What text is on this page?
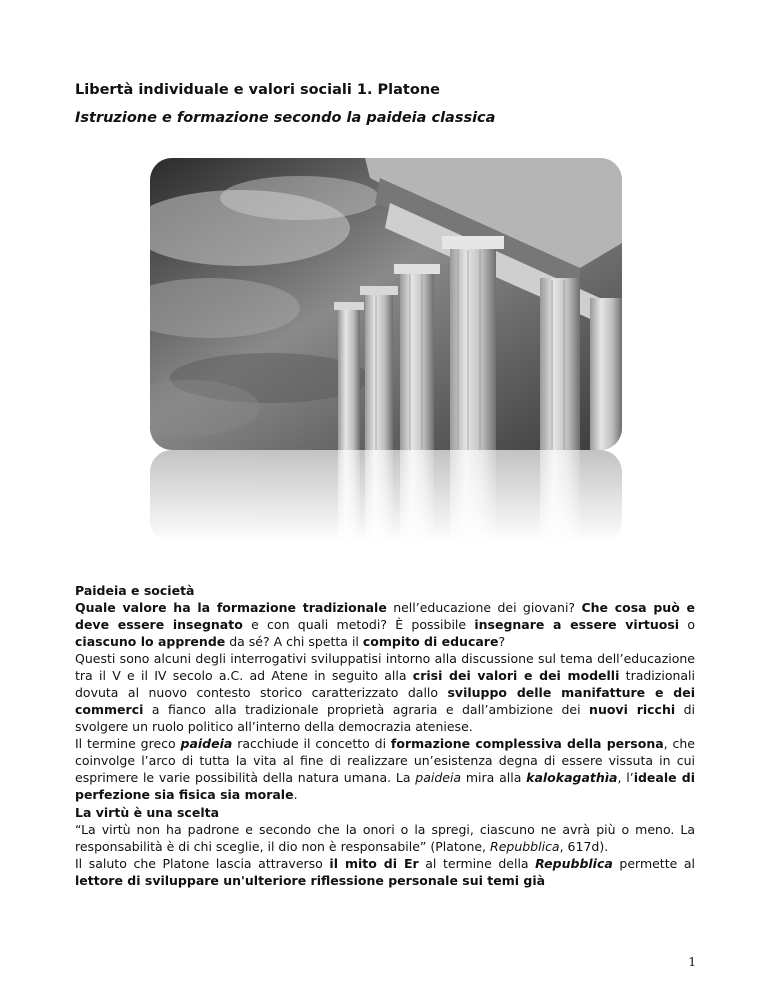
Libertà individuale e valori sociali 1. Platone
Istruzione e formazione secondo la paideia classica
Paideia e società
Quale valore ha la formazione tradizionale nell’educazione dei giovani? Che cosa può e deve essere insegnato e con quali metodi? È possibile insegnare a essere virtuosi o ciascuno lo apprende da sé? A chi spetta il compito di educare?
Questi sono alcuni degli interrogativi sviluppatisi intorno alla discussione sul tema dell’educazione tra il V e il IV secolo a.C. ad Atene in seguito alla crisi dei valori e dei modelli tradizionali dovuta al nuovo contesto storico caratterizzato dallo sviluppo delle manifatture e dei commerci a fianco alla tradizionale proprietà agraria e dall’ambizione dei nuovi ricchi di svolgere un ruolo politico all’interno della democrazia ateniese.
Il termine greco paideia racchiude il concetto di formazione complessiva della persona, che coinvolge l’arco di tutta la vita al fine di realizzare un’esistenza degna di essere vissuta in cui esprimere le varie possibilità della natura umana. La paideia mira alla kalokagathìa, l’ideale di perfezione sia fisica sia morale.
La virtù è una scelta
“La virtù non ha padrone e secondo che la onori o la spregi, ciascuno ne avrà più o meno. La responsabilità è di chi sceglie, il dio non è responsabile” (Platone, Repubblica, 617d).
Il saluto che Platone lascia attraverso il mito di Er al termine della Repubblica permette al lettore di sviluppare un'ulteriore riflessione personale sui temi già
1
